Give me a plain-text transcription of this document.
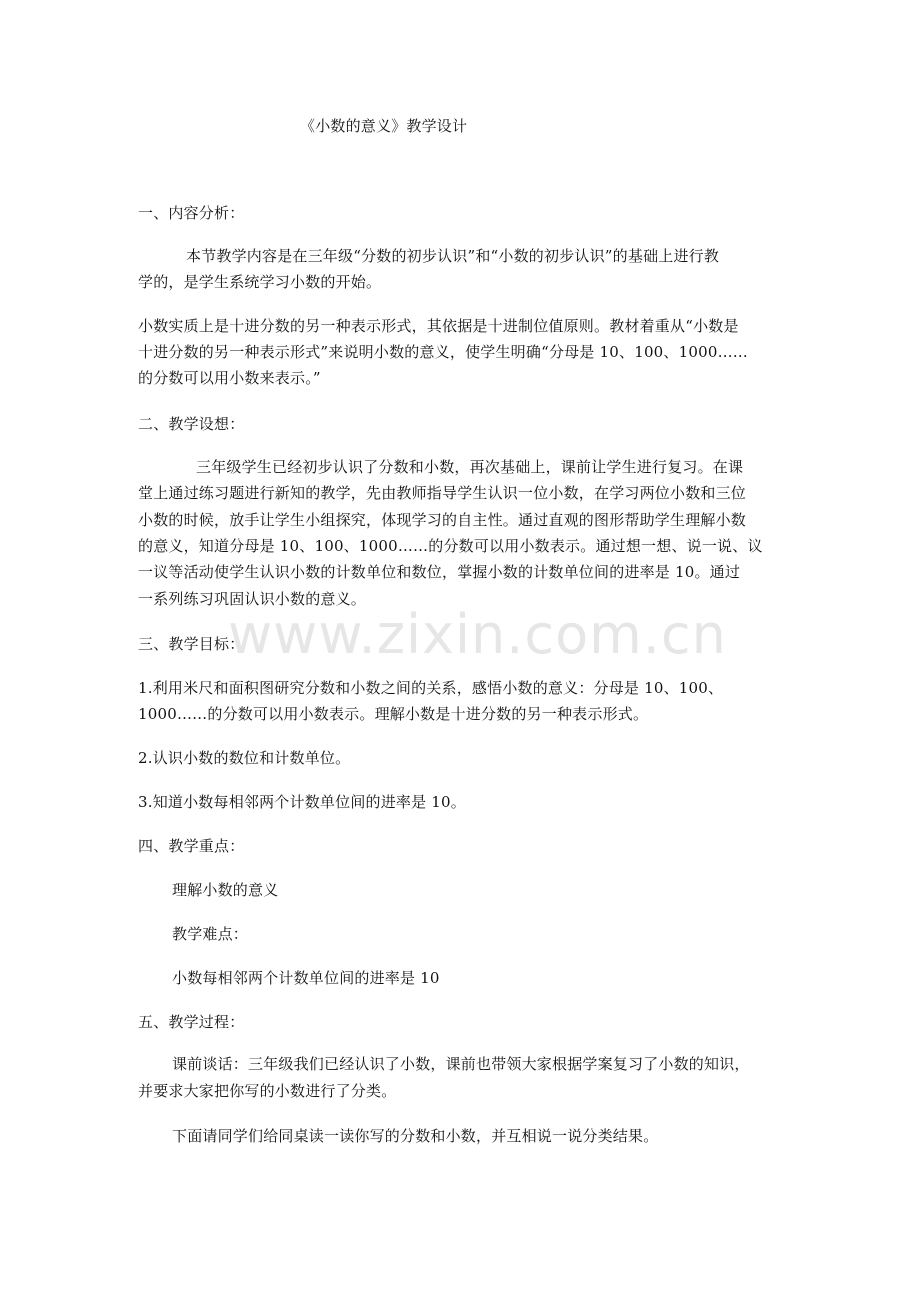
www.zixin.com.cn
《小数的意义》教学设计
一、内容分析：
本节教学内容是在三年级“分数的初步认识”和“小数的初步认识”的基础上进行教
学的，是学生系统学习小数的开始。
小数实质上是十进分数的另一种表示形式，其依据是十进制位值原则。教材着重从“小数是
十进分数的另一种表示形式”来说明小数的意义，使学生明确“分母是 10、100、1000……
的分数可以用小数来表示。”
二、教学设想：
三年级学生已经初步认识了分数和小数，再次基础上，课前让学生进行复习。在课
堂上通过练习题进行新知的教学，先由教师指导学生认识一位小数，在学习两位小数和三位
小数的时候，放手让学生小组探究，体现学习的自主性。通过直观的图形帮助学生理解小数
的意义，知道分母是 10、100、1000……的分数可以用小数表示。通过想一想、说一说、议
一议等活动使学生认识小数的计数单位和数位，掌握小数的计数单位间的进率是 10。通过
一系列练习巩固认识小数的意义。
三、教学目标：
1.利用米尺和面积图研究分数和小数之间的关系，感悟小数的意义：分母是 10、100、
1000……的分数可以用小数表示。理解小数是十进分数的另一种表示形式。
2.认识小数的数位和计数单位。
3.知道小数每相邻两个计数单位间的进率是 10。
四、教学重点：
理解小数的意义
教学难点：
小数每相邻两个计数单位间的进率是 10
五、教学过程：
课前谈话：三年级我们已经认识了小数，课前也带领大家根据学案复习了小数的知识，
并要求大家把你写的小数进行了分类。
下面请同学们给同桌读一读你写的分数和小数，并互相说一说分类结果。
